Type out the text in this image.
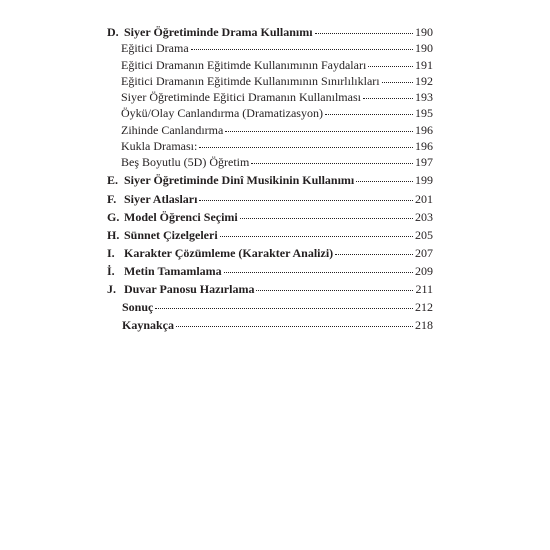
D. Siyer Öğretiminde Drama Kullanımı	190
Eğitici Drama	190
Eğitici Dramanın Eğitimde Kullanımının Faydaları	191
Eğitici Dramanın Eğitimde Kullanımının Sınırlılıkları	192
Siyer Öğretiminde Eğitici Dramanın Kullanılması	193
Öykü/Olay Canlandırma (Dramatizasyon)	195
Zihinde Canlandırma	196
Kukla Draması:	196
Beş Boyutlu (5D) Öğretim	197
E. Siyer Öğretiminde Dinî Musikinin Kullanımı	199
F. Siyer Atlasları	201
G. Model Öğrenci Seçimi	203
H. Sünnet Çizelgeleri	205
I. Karakter Çözümleme (Karakter Analizi)	207
İ. Metin Tamamlama	209
J. Duvar Panosu Hazırlama	211
Sonuç	212
Kaynakça	218
